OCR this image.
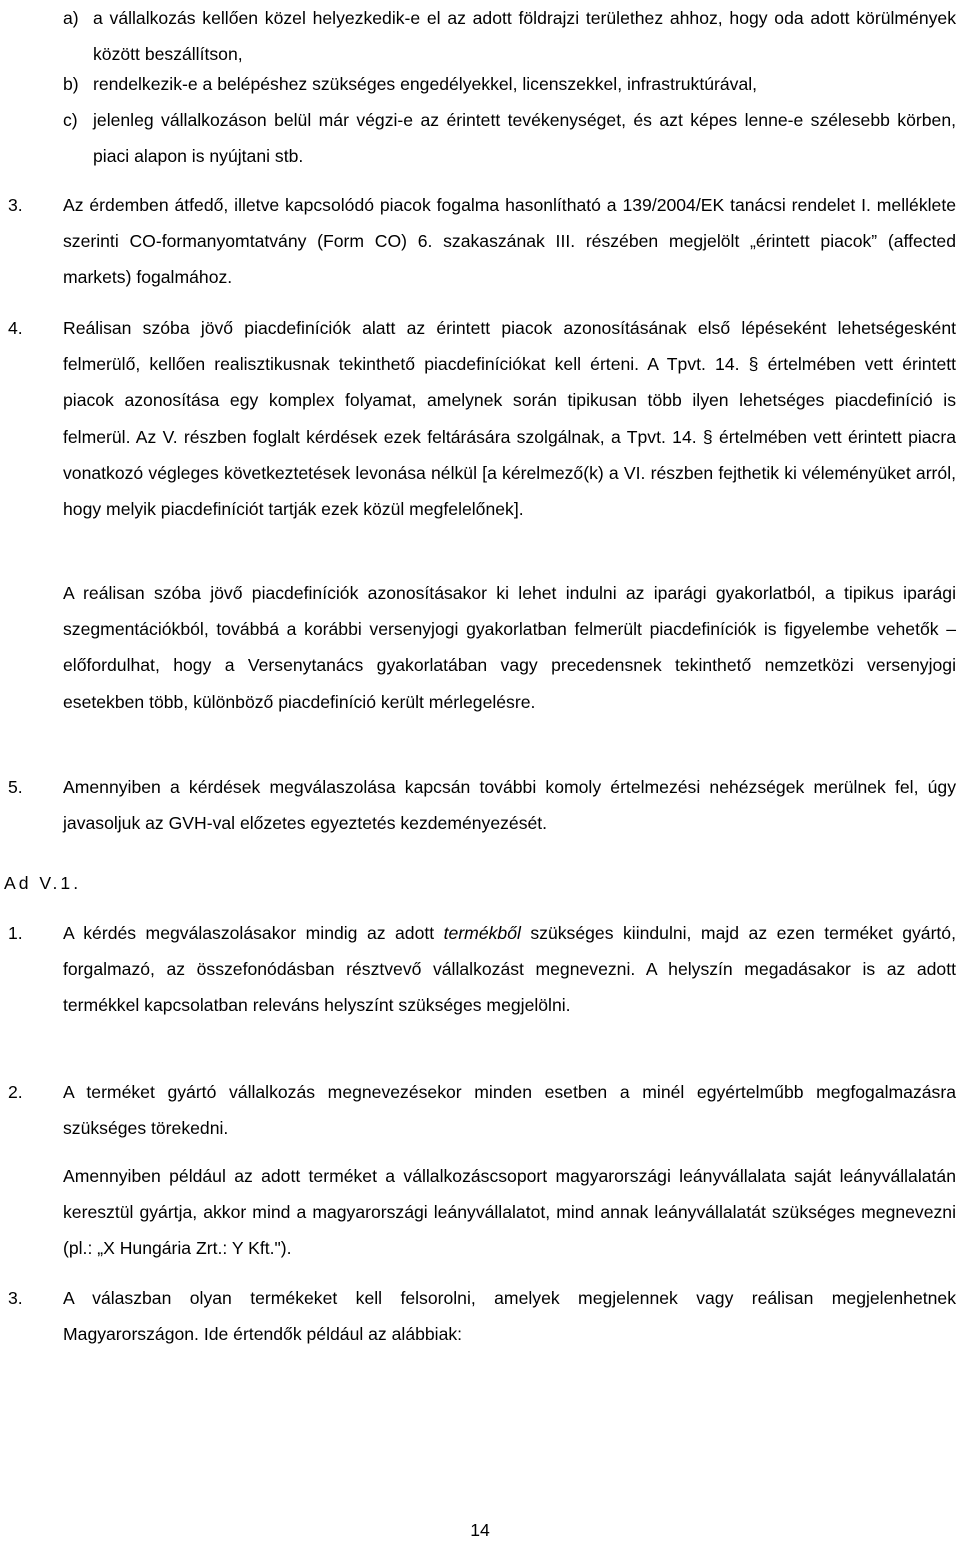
a) a vállalkozás kellően közel helyezkedik-e el az adott földrajzi területhez ahhoz, hogy oda adott körülmények között beszállítson,
b) rendelkezik-e a belépéshez szükséges engedélyekkel, licenszekkel, infrastruktúrával,
c) jelenleg vállalkozáson belül már végzi-e az érintett tevékenységet, és azt képes lenne-e szélesebb körben, piaci alapon is nyújtani stb.
3. Az érdemben átfedő, illetve kapcsolódó piacok fogalma hasonlítható a 139/2004/EK tanácsi rendelet I. melléklete szerinti CO-formanyomtatvány (Form CO) 6. szakaszának III. részében megjelölt „érintett piacok” (affected markets) fogalmához.
4. Reálisan szóba jövő piacdefiníciók alatt az érintett piacok azonosításának első lépéseként lehetségesként felmerülő, kellően realisztikusnak tekinthető piacdefiníciókat kell érteni. A Tpvt. 14. § értelmében vett érintett piacok azonosítása egy komplex folyamat, amelynek során tipikusan több ilyen lehetséges piacdefiníció is felmerül. Az V. részben foglalt kérdések ezek feltárására szolgálnak, a Tpvt. 14. § értelmében vett érintett piacra vonatkozó végleges következtetések levonása nélkül [a kérelmező(k) a VI. részben fejthetik ki véleményüket arról, hogy melyik piacdefiníciót tartják ezek közül megfelelőnek].
A reálisan szóba jövő piacdefiníciók azonosításakor ki lehet indulni az iparági gyakorlatból, a tipikus iparági szegmentációkból, továbbá a korábbi versenyjogi gyakorlatban felmerült piacdefiníciók is figyelembe vehetők – előfordulhat, hogy a Versenytanács gyakorlatában vagy precedensnek tekinthető nemzetközi versenyjogi esetekben több, különböző piacdefiníció került mérlegelésre.
5. Amennyiben a kérdések megválaszolása kapcsán további komoly értelmezési nehézségek merülnek fel, úgy javasoljuk az GVH-val előzetes egyeztetés kezdeményezését.
Ad V.1.
1. A kérdés megválaszolásakor mindig az adott termékből szükséges kiindulni, majd az ezen terméket gyártó, forgalmazó, az összefonódásban résztvevő vállalkozást megnevezni. A helyszín megadásakor is az adott termékkel kapcsolatban releváns helyszínt szükséges megjelölni.
2. A terméket gyártó vállalkozás megnevezésekor minden esetben a minél egyértelműbb megfogalmazásra szükséges törekedni.
Amennyiben például az adott terméket a vállalkozáscsoport magyarországi leányvállalata saját leányvállalatán keresztül gyártja, akkor mind a magyarországi leányvállalatot, mind annak leányvállalatát szükséges megnevezni (pl.: „X Hungária Zrt.: Y Kft.").
3. A válaszban olyan termékeket kell felsorolni, amelyek megjelennek vagy reálisan megjelenhetnek Magyarországon. Ide értendők például az alábbiak:
14
